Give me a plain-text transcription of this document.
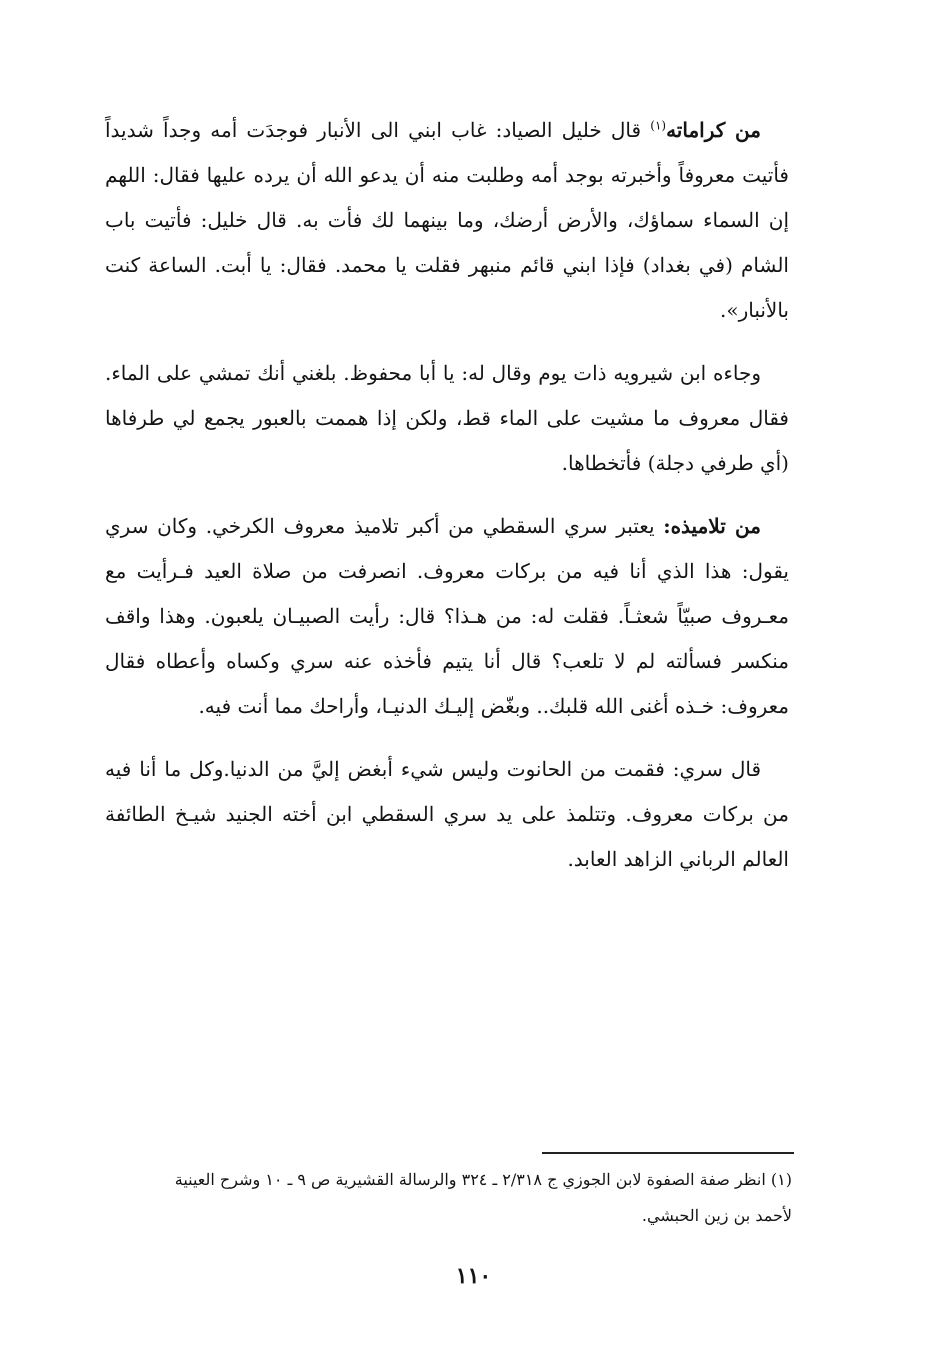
من كراماته$^{(١)}$ قال خليل الصياد: غاب ابني الى الأنبار فوجدَت أمه وجداً شديداً فأتيت معروفاً وأخبرته بوجد أمه وطلبت منه أن يدعو الله أن يرده عليها فقال: اللهم إن السماء سماؤك، والأرض أرضك، وما بينهما لك فأت به. قال خليل: فأتيت باب الشام (في بغداد) فإذا ابني قائم منبهر فقلت يا محمد. فقال: يا أبت. الساعة كنت بالأنبار».

وجاءه ابن شيرويه ذات يوم وقال له: يا أبا محفوظ. بلغني أنك تمشي على الماء. فقال معروف ما مشيت على الماء قط، ولكن إذا هممت بالعبور يجمع لي طرفاها (أي طرفي دجلة) فأتخطاها.

من تلاميذه: يعتبر سري السقطي من أكبر تلاميذ معروف الكرخي. وكان سري يقول: هذا الذي أنا فيه من بركات معروف. انصرفت من صلاة العيد فـرأيت مع معـروف صبيّاً شعثـاً. فقلت له: من هـذا؟ قال: رأيت الصبيـان يلعبون. وهذا واقف منكسر فسألته لم لا تلعب؟ قال أنا يتيم فأخذه عنه سري وكساه وأعطاه فقال معروف: خـذه أغنى الله قلبك.. وبغّض إليـك الدنيـا، وأراحك مما أنت فيه.

قال سري: فقمت من الحانوت وليس شيء أبغض إليَّ من الدنيا.وكل ما أنا فيه من بركات معروف. وتتلمذ على يد سري السقطي ابن أخته الجنيد شيـخ الطائفة العالم الرباني الزاهد العابد.

(١) انظر صفة الصفوة لابن الجوزي ج ٢/٣١٨ ـ ٣٢٤ والرسالة القشيرية ص ٩ ـ ١٠ وشرح العينية

لأحمد بن زين الحبشي.

١١٠
